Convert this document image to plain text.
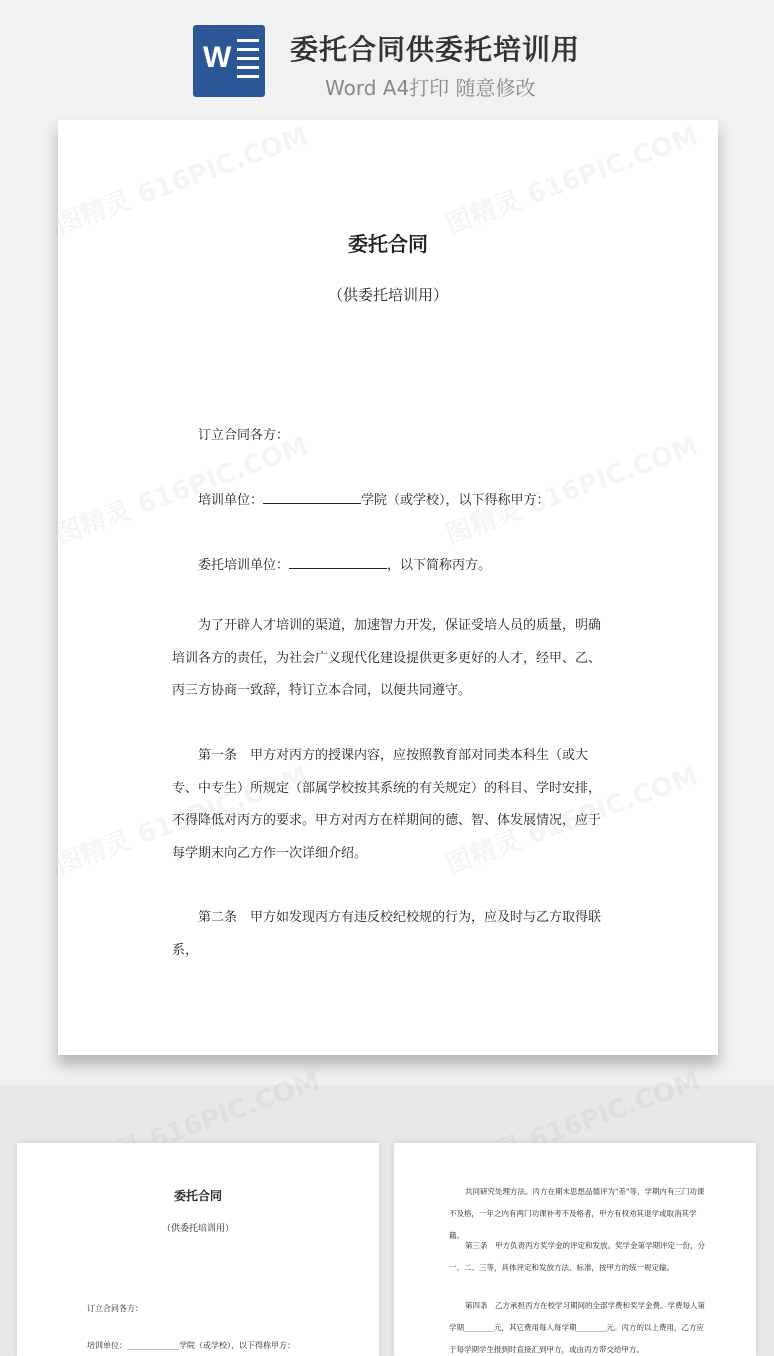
W 委托合同供委托培训用
Word A4打印 随意修改
委托合同
（供委托培训用）
订立合同各方：
培训单位：	学院（或学校），以下得称甲方：
委托培训单位：	，以下简称丙方。
为了开辟人才培训的渠道，加速智力开发，保证受培人员的质量，明确培训各方的责任，为社会广义现代化建设提供更多更好的人才，经甲、乙、丙三方协商一致辞，特订立本合同，以便共同遵守。
第一条　甲方对丙方的授课内容，应按照教育部对同类本科生（或大专、中专生）所规定（部属学校按其系统的有关规定）的科目、学时安排，不得降低对丙方的要求。甲方对丙方在样期间的德、智、体发展情况，应于每学期末向乙方作一次详细介绍。
第二条　甲方如发现丙方有违反校纪校规的行为，应及时与乙方取得联系，
委托合同
（供委托培训用）
订立合同各方：
培训单位：_____________学院（或学校），以下得称甲方：
共同研究处理方法。丙方在期末思想品德评为"差"等、学期内有三门功课不及格，一年之内有两门功课补考不及格者，甲方有权劝其退学或取消其学籍。
第三条　甲方负责丙方奖学金的评定和发放。奖学金第学期评定一份，分一、二、三等，具体评定和发放方法、标准，按甲方的统一规定输。
第四条　乙方承担丙方在校学习期间的全部学费和奖学金费。学费每人第学期________元，其它费用每人每学期________元。丙方的以上费用，乙方应于每学期学生报到时直接汇到甲方，或由丙方带交给甲方。
